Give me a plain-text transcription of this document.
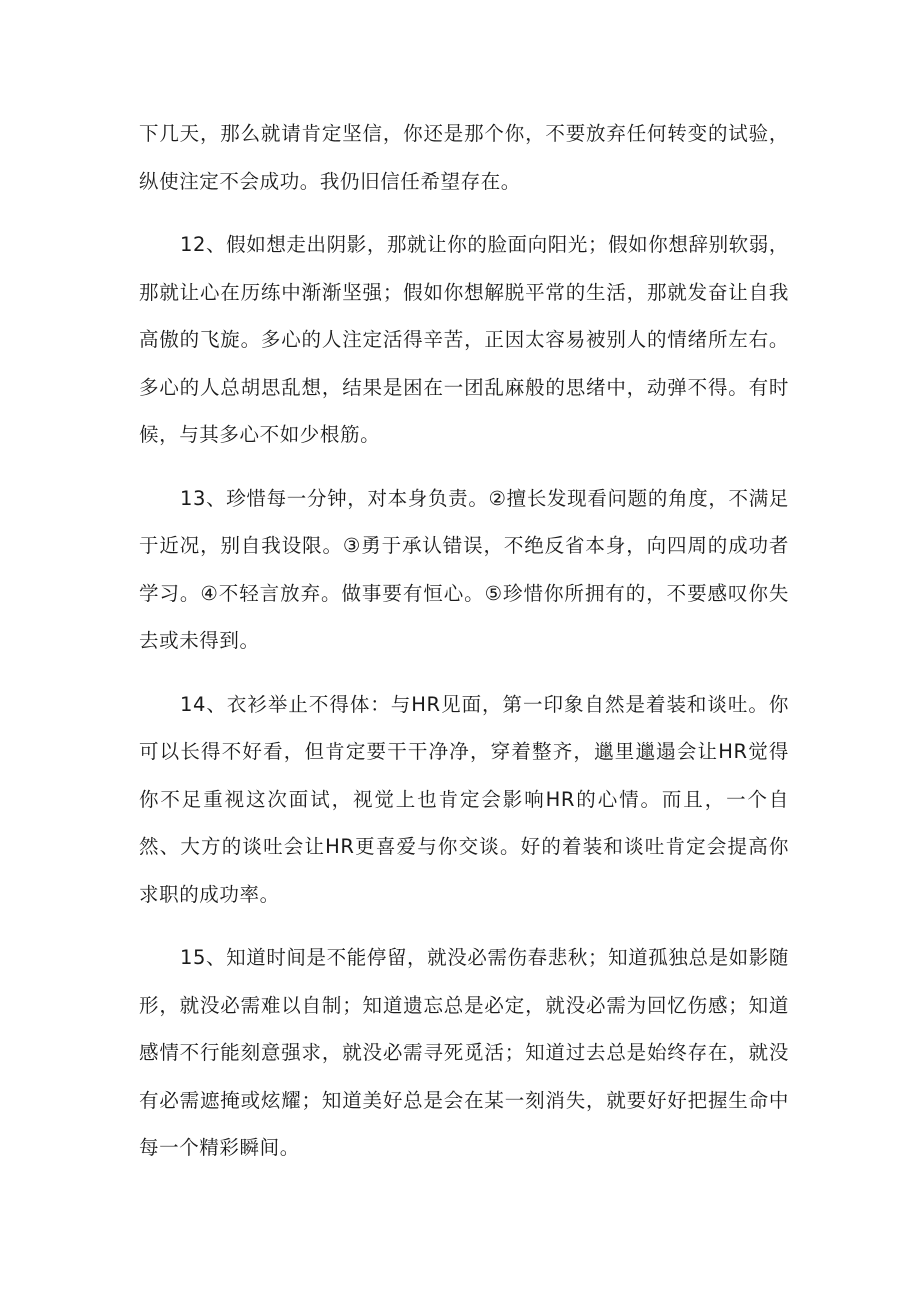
下几天，那么就请肯定坚信，你还是那个你，不要放弃任何转变的试验，纵使注定不会成功。我仍旧信任希望存在。

12、假如想走出阴影，那就让你的脸面向阳光；假如你想辞别软弱，那就让心在历练中渐渐坚强；假如你想解脱平常的生活，那就发奋让自我高傲的飞旋。多心的人注定活得辛苦，正因太容易被别人的情绪所左右。多心的人总胡思乱想，结果是困在一团乱麻般的思绪中，动弹不得。有时候，与其多心不如少根筋。

13、珍惜每一分钟，对本身负责。②擅长发现看问题的角度，不满足于近况，别自我设限。③勇于承认错误，不绝反省本身，向四周的成功者学习。④不轻言放弃。做事要有恒心。⑤珍惜你所拥有的，不要感叹你失去或未得到。

14、衣衫举止不得体：与HR见面，第一印象自然是着装和谈吐。你可以长得不好看，但肯定要干干净净，穿着整齐，邋里邋遢会让HR觉得你不足重视这次面试，视觉上也肯定会影响HR的心情。而且，一个自然、大方的谈吐会让HR更喜爱与你交谈。好的着装和谈吐肯定会提高你求职的成功率。

15、知道时间是不能停留，就没必需伤春悲秋；知道孤独总是如影随形，就没必需难以自制；知道遗忘总是必定，就没必需为回忆伤感；知道感情不行能刻意强求，就没必需寻死觅活；知道过去总是始终存在，就没有必需遮掩或炫耀；知道美好总是会在某一刻消失，就要好好把握生命中每一个精彩瞬间。
